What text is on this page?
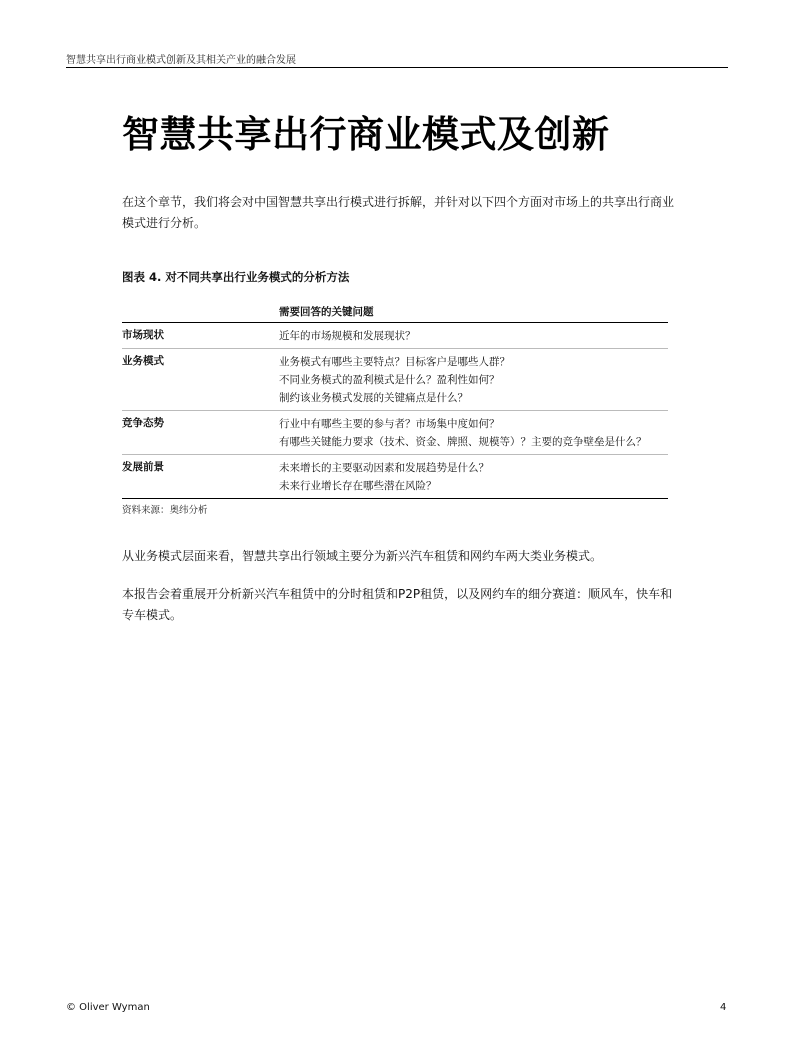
智慧共享出行商业模式创新及其相关产业的融合发展
智慧共享出行商业模式及创新

在这个章节，我们将会对中国智慧共享出行模式进行拆解，并针对以下四个方面对市场上的共享出行商业模式进行分析。

图表 4. 对不同共享出行业务模式的分析方法
	需要回答的关键问题
市场现状	近年的市场规模和发展现状？

业务模式	业务模式有哪些主要特点？目标客户是哪些人群？
不同业务模式的盈利模式是什么？盈利性如何？
制约该业务模式发展的关键痛点是什么？

竞争态势	行业中有哪些主要的参与者？市场集中度如何？
有哪些关键能力要求（技术、资金、牌照、规模等）？主要的竞争壁垒是什么？

发展前景	未来增长的主要驱动因素和发展趋势是什么？
未来行业增长存在哪些潜在风险？
资料来源：奥纬分析

从业务模式层面来看，智慧共享出行领域主要分为新兴汽车租赁和网约车两大类业务模式。

本报告会着重展开分析新兴汽车租赁中的分时租赁和P2P租赁，以及网约车的细分赛道：顺风车，快车和专车模式。

© Oliver Wyman	4
